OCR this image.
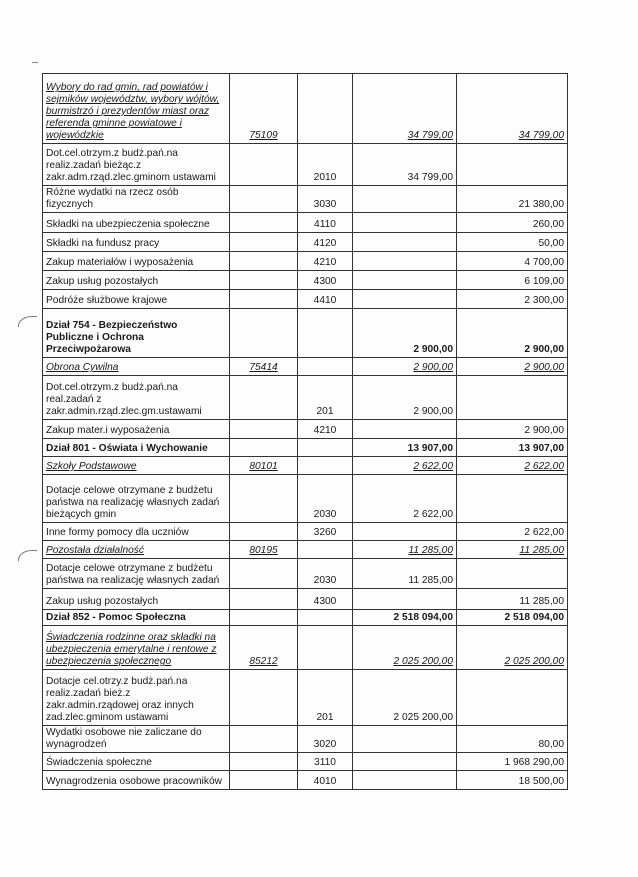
Wybory do rad gmin, rad powiatów i
sejmików województw, wybory wójtów,
burmistrzó i prezydentów miast oraz
referenda gminne powiatowe i
wojewódzkie	75109		34 799,00	34 799,00

Dot.cel.otrzym.z budż.pań.na
realiz.zadań bieżąc.z
zakr.adm.rząd.zlec.gminom ustawami		2010	34 799,00	

Różne wydatki na rzecz osób
fizycznych		3030		21 380,00

Składki na ubezpieczenia społeczne		4110		260,00

Składki na fundusz pracy		4120		50,00

Zakup materiałów i wyposażenia		4210		4 700,00

Zakup usług pozostałych		4300		6 109,00

Podróże służbowe krajowe		4410		2 300,00

Dział 754 - Bezpieczeństwo
Publiczne i Ochrona
Przeciwpożarowa			2 900,00	2 900,00

Obrona Cywilna	75414		2 900,00	2 900,00

Dot.cel.otrzym.z budż.pań.na
real.zadań z
zakr.admin.rząd.zlec.gm.ustawami		201	2 900,00	

Zakup mater.i wyposażenia		4210		2 900,00

Dział 801 - Oświata i Wychowanie			13 907,00	13 907,00

Szkoły Podstawowe	80101		2 622,00	2 622,00

Dotacje celowe otrzymane z budżetu
państwa na realizację własnych zadań
bieżących gmin		2030	2 622,00	

Inne formy pomocy dla uczniów		3260		2 622,00

Pozostała działalność	80195		11 285,00	11 285,00

Dotacje celowe otrzymane z budżetu
państwa na realizację własnych zadań		2030	11 285,00	

Zakup usług pozostałych		4300		11 285,00

Dział 852 - Pomoc Społeczna			2 518 094,00	2 518 094,00

Świadczenia rodzinne oraz składki na
ubezpieczenia emerytalne i rentowe z
ubezpieczenia społecznego	85212		2 025 200,00	2 025 200,00

Dotacje cel.otrzy.z budż.pań.na
realiz.zadań bież.z
zakr.admin.rządowej oraz innych
zad.zlec.gminom ustawami		201	2 025 200,00	

Wydatki osobowe nie zaliczane do
wynagrodzeń		3020		80,00

Świadczenia społeczne		3110		1 968 290,00

Wynagrodzenia osobowe pracowników		4010		18 500,00
